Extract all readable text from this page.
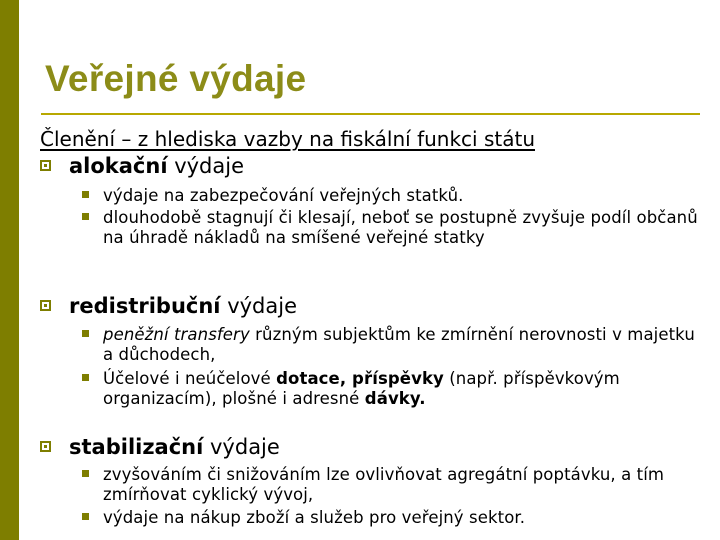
Veřejné výdaje

Členění – z hlediska vazby na fiskální funkci státu

alokační výdaje
výdaje na zabezpečování veřejných statků.
dlouhodobě stagnují či klesají, neboť se postupně zvyšuje podíl občanů na úhradě nákladů na smíšené veřejné statky
redistribuční výdaje
peněžní transfery různým subjektům ke zmírnění nerovnosti v majetku a důchodech,
Účelové i neúčelové dotace, příspěvky (např. příspěvkovým organizacím), plošné i adresné dávky.
stabilizační výdaje
zvyšováním či snižováním lze ovlivňovat agregátní poptávku, a tím zmírňovat cyklický vývoj,
výdaje na nákup zboží a služeb pro veřejný sektor.
